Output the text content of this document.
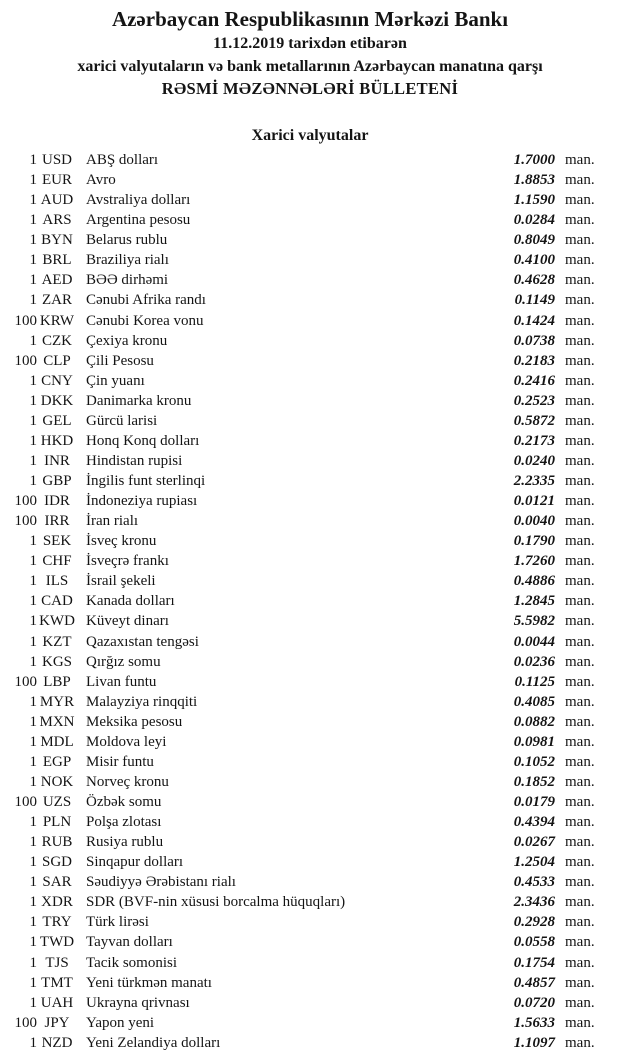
Azərbaycan Respublikasının Mərkəzi Bankı
11.12.2019 tarixdən etibarən
xarici valyutaların və bank metallarının Azərbaycan manatına qarşı
RƏSMİ MƏZƏNNƏLƏRİ BÜLLETENİ
Xarici valyutalar
1 USD ABŞ dolları	1.7000 man.
1 EUR Avro	1.8853 man.
1 AUD Avstraliya dolları	1.1590 man.
1 ARS Argentina pesosu	0.0284 man.
1 BYN Belarus rublu	0.8049 man.
1 BRL Braziliya rialı	0.4100 man.
1 AED BƏƏ dirhəmi	0.4628 man.
1 ZAR Cənubi Afrika randı	0.1149 man.
100 KRW Cənubi Korea vonu	0.1424 man.
1 CZK Çexiya kronu	0.0738 man.
100 CLP	Çili Pesosu	0.2183 man.
1 CNY Çin yuanı	0.2416 man.
1 DKK Danimarka kronu	0.2523 man.
1 GEL Gürcü larisi	0.5872 man.
1 HKD Honq Konq dolları	0.2173 man.
1 INR	Hindistan rupisi	0.0240 man.
1 GBP İngilis funt sterlinqi	2.2335 man.
100 IDR	İndoneziya rupiası	0.0121 man.
100 IRR	İran rialı	0.0040 man.
1 SEK İsveç kronu	0.1790 man.
1 CHF İsveçrə frankı	1.7260 man.
1 ILS	İsrail şekeli	0.4886 man.
1 CAD Kanada dolları	1.2845 man.
1 KWD Küveyt dinarı	5.5982 man.
1 KZT Qazaxıstan tengəsi	0.0044 man.
1 KGS Qırğız somu	0.0236 man.
100 LBP	Livan funtu	0.1125 man.
1 MYR Malayziya rinqqiti	0.4085 man.
1 MXN Meksika pesosu	0.0882 man.
1 MDL Moldova leyi	0.0981 man.
1 EGP Misir funtu	0.1052 man.
1 NOK Norveç kronu	0.1852 man.
100 UZS Özbək somu	0.0179 man.
1 PLN Polşa zlotası	0.4394 man.
1 RUB Rusiya rublu	0.0267 man.
1 SGD Sinqapur dolları	1.2504 man.
1 SAR Səudiyyə Ərəbistanı rialı	0.4533 man.
1 XDR SDR (BVF-nin xüsusi borcalma hüquqları)	2.3436 man.
1 TRY Türk lirəsi	0.2928 man.
1 TWD Tayvan dolları	0.0558 man.
1 TJS	Tacik somonisi	0.1754 man.
1 TMT Yeni türkmən manatı	0.4857 man.
1 UAH Ukrayna qrivnası	0.0720 man.
100 JPY	Yapon yeni	1.5633 man.
1 NZD Yeni Zelandiya dolları	1.1097 man.
